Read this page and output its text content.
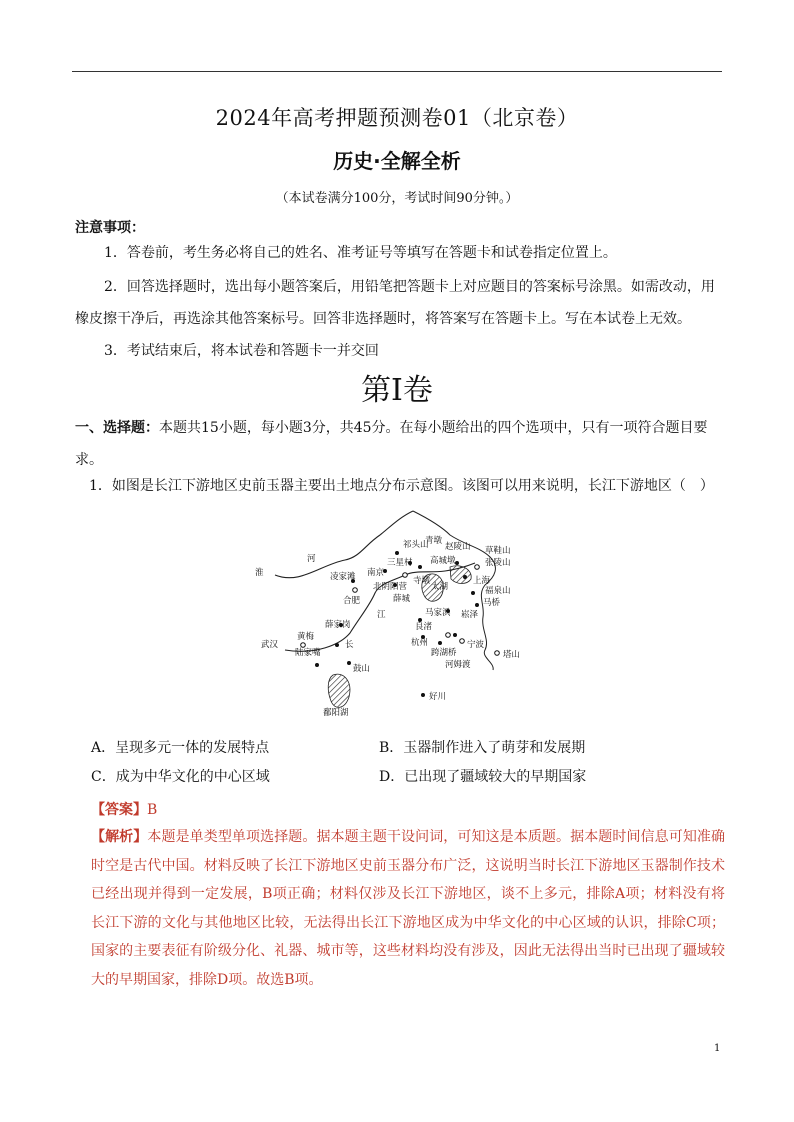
2024年高考押题预测卷01（北京卷）
历史·全解全析
（本试卷满分100分，考试时间90分钟。）
注意事项：
1．答卷前，考生务必将自己的姓名、准考证号等填写在答题卡和试卷指定位置上。
2．回答选择题时，选出每小题答案后，用铅笔把答题卡上对应题目的答案标号涂黑。如需改动，用
橡皮擦干净后，再选涂其他答案标号。回答非选择题时，将答案写在答题卡上。写在本试卷上无效。
3．考试结束后，将本试卷和答题卡一并交回
第Ⅰ卷
一、选择题：本题共15小题，每小题3分，共45分。在每小题给出的四个选项中，只有一项符合题目要求。
1．如图是长江下游地区史前玉器主要出土地点分布示意图。该图可以用来说明，长江下游地区（　）
淮
河
江
长
祁头山
青墩
赵陵山 草鞋山
张陵山
上海
福泉山
马桥
崧泽
凌家滩 南京
北阴阳营
薛城
寺墩
高城墩
三星村
太湖
合肥
薛家岗
黄梅
陆家嘴
武汉
鄱阳湖
鼓山
马家浜
良渚
杭州
跨湖桥
宁波
河姆渡
塔山
好川
A．呈现多元一体的发展特点	B．玉器制作进入了萌芽和发展期
C．成为中华文化的中心区域	D．已出现了疆域较大的早期国家
【答案】B
【解析】本题是单类型单项选择题。据本题主题干设问词，可知这是本质题。据本题时间信息可知准确时空是古代中国。材料反映了长江下游地区史前玉器分布广泛，这说明当时长江下游地区玉器制作技术已经出现并得到一定发展，B项正确；材料仅涉及长江下游地区，谈不上多元，排除A项；材料没有将长江下游的文化与其他地区比较，无法得出长江下游地区成为中华文化的中心区域的认识，排除C项；国家的主要表征有阶级分化、礼器、城市等，这些材料均没有涉及，因此无法得出当时已出现了疆域较大的早期国家，排除D项。故选B项。
1
